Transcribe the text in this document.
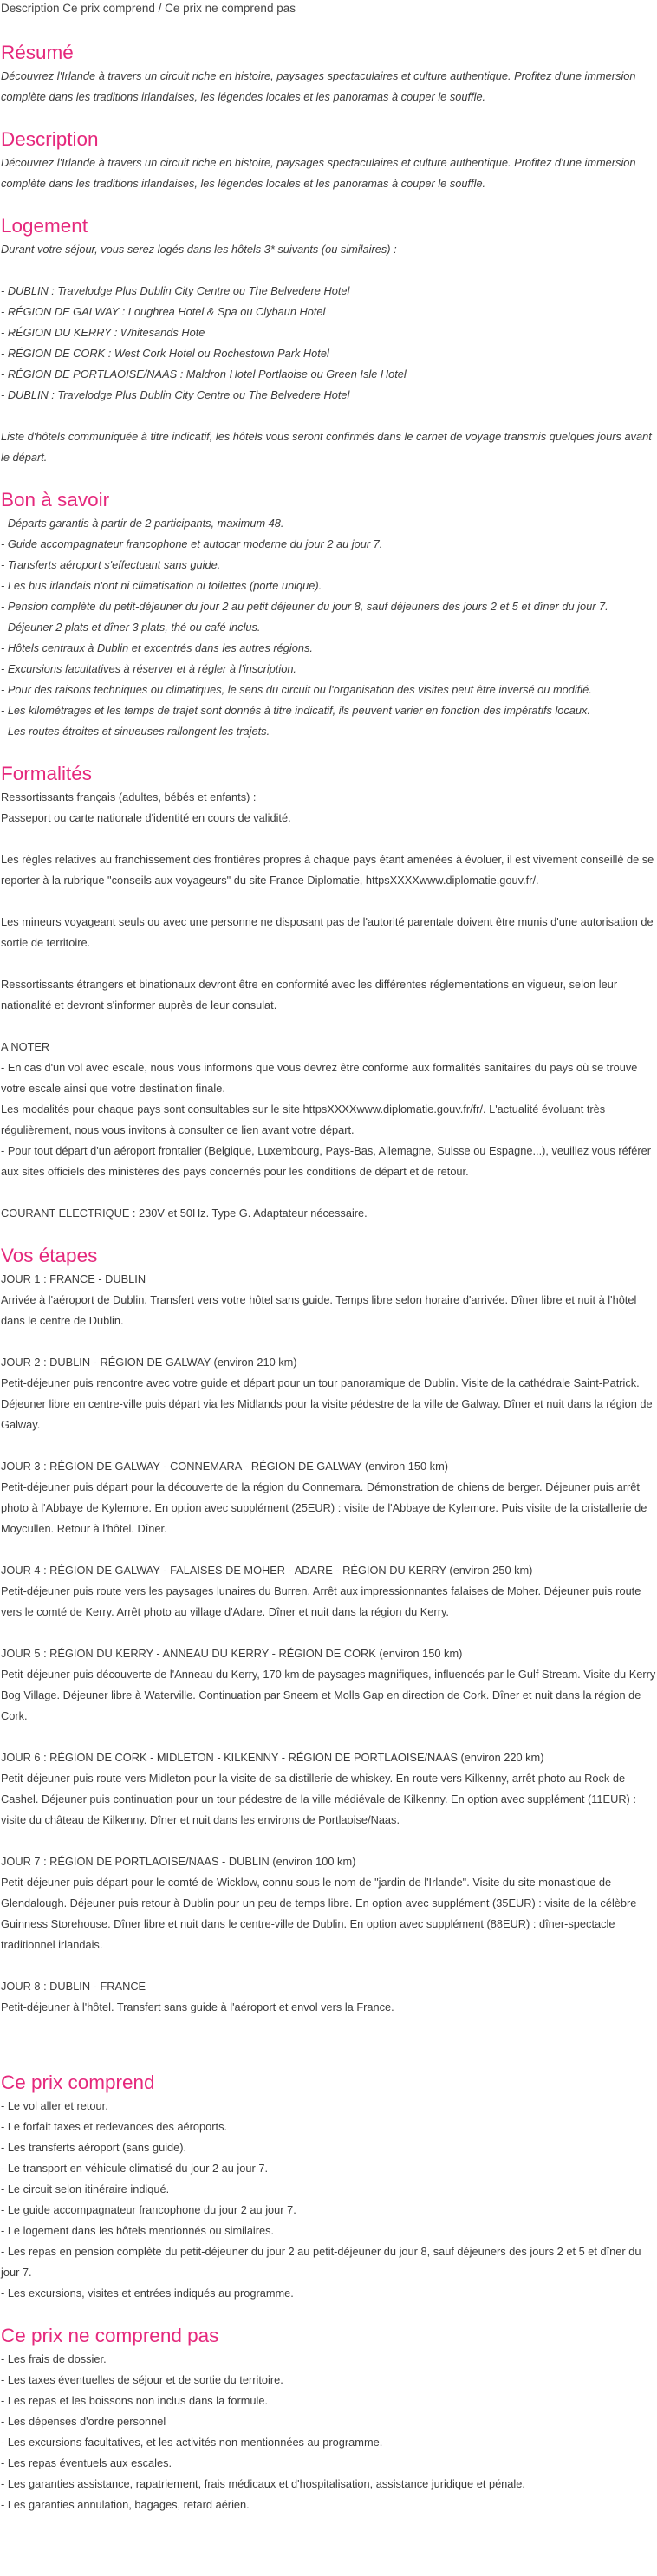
Description Ce prix comprend / Ce prix ne comprend pas
Résumé

Découvrez l'Irlande à travers un circuit riche en histoire, paysages spectaculaires et culture authentique. Profitez d'une immersion complète dans les traditions irlandaises, les légendes locales et les panoramas à couper le souffle.

Description

Découvrez l'Irlande à travers un circuit riche en histoire, paysages spectaculaires et culture authentique. Profitez d'une immersion complète dans les traditions irlandaises, les légendes locales et les panoramas à couper le souffle.

Logement

Durant votre séjour, vous serez logés dans les hôtels 3* suivants (ou similaires) :

- DUBLIN : Travelodge Plus Dublin City Centre ou The Belvedere Hotel

- RÉGION DE GALWAY : Loughrea Hotel & Spa ou Clybaun Hotel

- RÉGION DU KERRY : Whitesands Hote

- RÉGION DE CORK : West Cork Hotel ou Rochestown Park Hotel

- RÉGION DE PORTLAOISE/NAAS : Maldron Hotel Portlaoise ou Green Isle Hotel

- DUBLIN : Travelodge Plus Dublin City Centre ou The Belvedere Hotel

Liste d'hôtels communiquée à titre indicatif, les hôtels vous seront confirmés dans le carnet de voyage transmis quelques jours avant le départ.

Bon à savoir

- Départs garantis à partir de 2 participants, maximum 48.

- Guide accompagnateur francophone et autocar moderne du jour 2 au jour 7.

- Transferts aéroport s'effectuant sans guide.

- Les bus irlandais n'ont ni climatisation ni toilettes (porte unique).

- Pension complète du petit-déjeuner du jour 2 au petit déjeuner du jour 8, sauf déjeuners des jours 2 et 5 et dîner du jour 7.

- Déjeuner 2 plats et dîner 3 plats, thé ou café inclus.

- Hôtels centraux à Dublin et excentrés dans les autres régions.

- Excursions facultatives à réserver et à régler à l'inscription.

- Pour des raisons techniques ou climatiques, le sens du circuit ou l'organisation des visites peut être inversé ou modifié.

- Les kilométrages et les temps de trajet sont donnés à titre indicatif, ils peuvent varier en fonction des impératifs locaux.

- Les routes étroites et sinueuses rallongent les trajets.

Formalités

Ressortissants français (adultes, bébés et enfants) :

Passeport ou carte nationale d'identité en cours de validité.

Les règles relatives au franchissement des frontières propres à chaque pays étant amenées à évoluer, il est vivement conseillé de se reporter à la rubrique "conseils aux voyageurs" du site France Diplomatie, httpsXXXXwww.diplomatie.gouv.fr/.

Les mineurs voyageant seuls ou avec une personne ne disposant pas de l'autorité parentale doivent être munis d'une autorisation de sortie de territoire.

Ressortissants étrangers et binationaux devront être en conformité avec les différentes réglementations en vigueur, selon leur nationalité et devront s'informer auprès de leur consulat.

A NOTER

- En cas d'un vol avec escale, nous vous informons que vous devrez être conforme aux formalités sanitaires du pays où se trouve votre escale ainsi que votre destination finale.

Les modalités pour chaque pays sont consultables sur le site httpsXXXXwww.diplomatie.gouv.fr/fr/. L'actualité évoluant très régulièrement, nous vous invitons à consulter ce lien avant votre départ.

- Pour tout départ d'un aéroport frontalier (Belgique, Luxembourg, Pays-Bas, Allemagne, Suisse ou Espagne...), veuillez vous référer aux sites officiels des ministères des pays concernés pour les conditions de départ et de retour.

COURANT ELECTRIQUE : 230V et 50Hz. Type G. Adaptateur nécessaire.

Vos étapes

JOUR 1 : FRANCE - DUBLIN

Arrivée à l'aéroport de Dublin. Transfert vers votre hôtel sans guide. Temps libre selon horaire d'arrivée. Dîner libre et nuit à l'hôtel dans le centre de Dublin.

JOUR 2 : DUBLIN - RÉGION DE GALWAY (environ 210 km)

Petit-déjeuner puis rencontre avec votre guide et départ pour un tour panoramique de Dublin. Visite de la cathédrale Saint-Patrick. Déjeuner libre en centre-ville puis départ via les Midlands pour la visite pédestre de la ville de Galway. Dîner et nuit dans la région de Galway.

JOUR 3 : RÉGION DE GALWAY - CONNEMARA - RÉGION DE GALWAY (environ 150 km)

Petit-déjeuner puis départ pour la découverte de la région du Connemara. Démonstration de chiens de berger. Déjeuner puis arrêt photo à l'Abbaye de Kylemore. En option avec supplément (25EUR) : visite de l'Abbaye de Kylemore. Puis visite de la cristallerie de Moycullen. Retour à l'hôtel. Dîner.

JOUR 4 : RÉGION DE GALWAY - FALAISES DE MOHER - ADARE - RÉGION DU KERRY (environ 250 km)

Petit-déjeuner puis route vers les paysages lunaires du Burren. Arrêt aux impressionnantes falaises de Moher. Déjeuner puis route vers le comté de Kerry. Arrêt photo au village d'Adare. Dîner et nuit dans la région du Kerry.

JOUR 5 : RÉGION DU KERRY - ANNEAU DU KERRY - RÉGION DE CORK (environ 150 km)

Petit-déjeuner puis découverte de l'Anneau du Kerry, 170 km de paysages magnifiques, influencés par le Gulf Stream. Visite du Kerry Bog Village. Déjeuner libre à Waterville. Continuation par Sneem et Molls Gap en direction de Cork. Dîner et nuit dans la région de Cork.

JOUR 6 : RÉGION DE CORK - MIDLETON - KILKENNY - RÉGION DE PORTLAOISE/NAAS (environ 220 km)

Petit-déjeuner puis route vers Midleton pour la visite de sa distillerie de whiskey. En route vers Kilkenny, arrêt photo au Rock de Cashel. Déjeuner puis continuation pour un tour pédestre de la ville médiévale de Kilkenny. En option avec supplément (11EUR) : visite du château de Kilkenny. Dîner et nuit dans les environs de Portlaoise/Naas.

JOUR 7 : RÉGION DE PORTLAOISE/NAAS - DUBLIN (environ 100 km)

Petit-déjeuner puis départ pour le comté de Wicklow, connu sous le nom de "jardin de l'Irlande". Visite du site monastique de Glendalough. Déjeuner puis retour à Dublin pour un peu de temps libre. En option avec supplément (35EUR) : visite de la célèbre Guinness Storehouse. Dîner libre et nuit dans le centre-ville de Dublin. En option avec supplément (88EUR) : dîner-spectacle traditionnel irlandais.

JOUR 8 : DUBLIN - FRANCE

Petit-déjeuner à l'hôtel. Transfert sans guide à l'aéroport et envol vers la France.

Ce prix comprend

- Le vol aller et retour.

- Le forfait taxes et redevances des aéroports.

- Les transferts aéroport (sans guide).

- Le transport en véhicule climatisé du jour 2 au jour 7.

- Le circuit selon itinéraire indiqué.

- Le guide accompagnateur francophone du jour 2 au jour 7.

- Le logement dans les hôtels mentionnés ou similaires.

- Les repas en pension complète du petit-déjeuner du jour 2 au petit-déjeuner du jour 8, sauf déjeuners des jours 2 et 5 et dîner du jour 7.

- Les excursions, visites et entrées indiqués au programme.

Ce prix ne comprend pas

- Les frais de dossier.

- Les taxes éventuelles de séjour et de sortie du territoire.

- Les repas et les boissons non inclus dans la formule.

- Les dépenses d'ordre personnel

- Les excursions facultatives, et les activités non mentionnées au programme.

- Les repas éventuels aux escales.

- Les garanties assistance, rapatriement, frais médicaux et d'hospitalisation, assistance juridique et pénale.

- Les garanties annulation, bagages, retard aérien.
